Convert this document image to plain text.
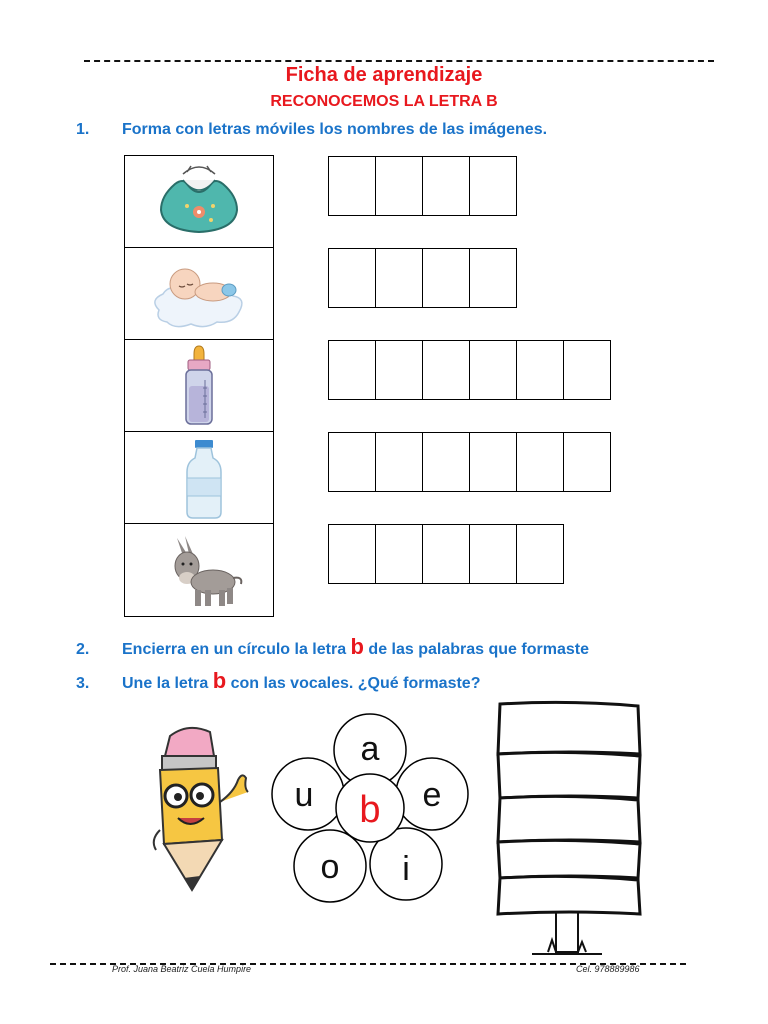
Ficha de aprendizaje
RECONOCEMOS LA LETRA B
1. Forma con letras móviles los nombres de las imágenes.
2. Encierra en un círculo la letra b de las palabras que formaste
3. Une la letra b con las vocales. ¿Qué formaste?
a
e
i
o
u b
Prof. Juana Beatriz Cuela Humpire	Cel. 978889986
